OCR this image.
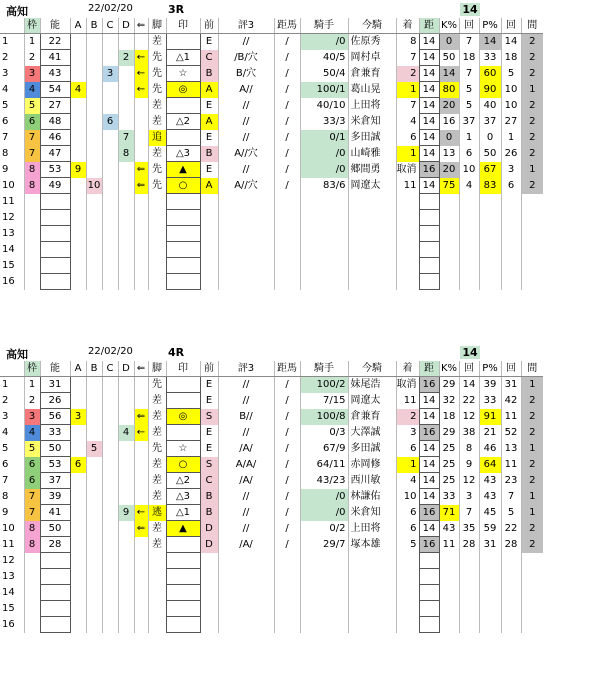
高知	22/02/20	3R	14
	枠	能	A	B	C	D	⇐	脚	印	前	評3	距馬	騎手	今騎	着	距	K%	回	P%	回	間
1	1	22						差		E	//	/	/0	佐原秀	8	14	0	7	14	14	2
2	2	41				2	←	先	△1	C	/B/穴	/	40/5	岡村卓	7	14	50	18	33	18	2
3	3	43			3		←	先	☆	B	B/穴	/	50/4	倉兼育	2	14	14	7	60	5	2
4	4	54	4				←	先	◎	A	A//	/	100/1	葛山晃	1	14	80	5	90	10	1
5	5	27						差		E	//	/	40/10	上田将	7	14	20	5	40	10	2
6	6	48			6			差	△2	A	//	/	33/3	米倉知	4	14	16	37	37	27	2
7	7	46				7		追		E	//	/	0/1	多田誠	6	14	0	1	0	1	2
8	7	47				8		差	△3	B	A//穴	/	/0	山崎雅	1	14	13	6	50	26	2
9	8	53	9				⇐	先	▲	E	//	/	/0	郷間勇	取消	16	20	10	67	3	1
10	8	49		10			⇐	先	○	A	A//穴	/	83/6	岡遼太	11	14	75	4	83	6	2
11																					
12																					
13																					
14																					
15																					
16																					
高知	22/02/20	4R	14
	枠	能	A	B	C	D	⇐	脚	印	前	評3	距馬	騎手	今騎	着	距	K%	回	P%	回	間
1	1	31						先		E	//	/	100/2	妹尾浩	取消	16	29	14	39	31	1
2	2	26						差		E	//	/	7/15	岡遼太	11	14	32	22	33	42	2
3	3	56	3				⇐	差	◎	S	B//	/	100/8	倉兼育	2	14	18	12	91	11	2
4	4	33				4	←	差		E	//	/	0/3	大澤誠	3	16	29	38	21	52	2
5	5	50		5				先	☆	E	/A/	/	67/9	多田誠	6	14	25	8	46	13	1
6	6	53	6					差	○	S	A/A/	/	64/11	赤岡修	1	14	25	9	64	11	2
7	6	37						差	△2	C	/A/	/	43/23	西川敏	4	14	25	12	43	23	2
8	7	39						差	△3	B	//	/	/0	林謙佑	10	14	33	3	43	7	1
9	7	41				9	←	逃	△1	B	//	/	/0	米倉知	6	16	71	7	45	5	1
10	8	50					⇐	差	▲	D	//	/	0/2	上田将	6	14	43	35	59	22	2
11	8	28						差		D	/A/	/	29/7	塚本雄	5	16	11	28	31	28	2
12																					
13																					
14																					
15																					
16																					
